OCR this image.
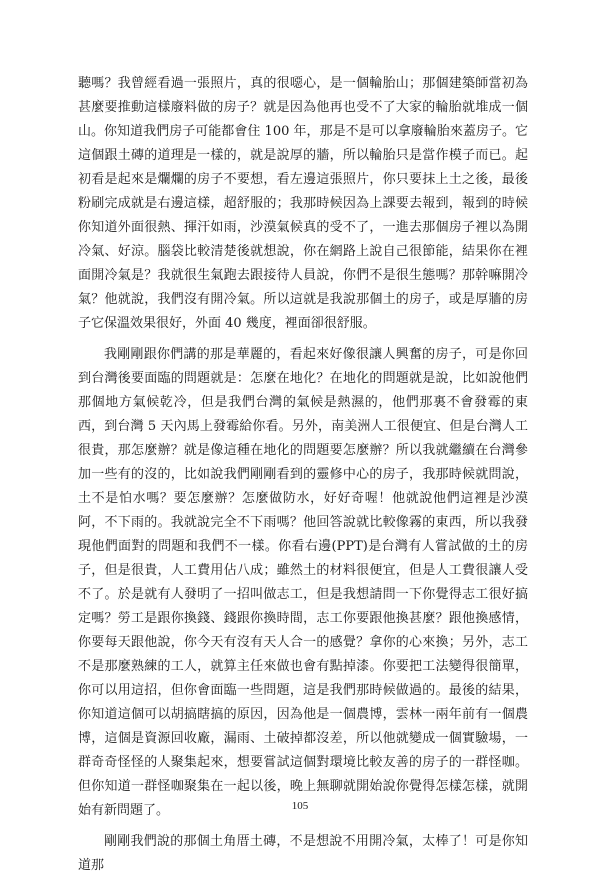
聽嗎？我曾經看過一張照片，真的很噁心，是一個輪胎山；那個建築師當初為甚麼要推動這樣廢料做的房子？就是因為他再也受不了大家的輪胎就堆成一個山。你知道我們房子可能都會住 100 年，那是不是可以拿廢輪胎來蓋房子。它這個跟土磚的道理是一樣的，就是說厚的牆，所以輪胎只是當作模子而已。起初看是起來是爛爛的房子不要想，看左邊這張照片，你只要抹上土之後，最後粉刷完成就是右邊這樣，超舒服的；我那時候因為上課要去報到，報到的時候你知道外面很熱、揮汗如雨，沙漠氣候真的受不了，一進去那個房子裡以為開冷氣、好涼。腦袋比較清楚後就想說，你在網路上說自己很節能，結果你在裡面開冷氣是？我就很生氣跑去跟接待人員說，你們不是很生態嗎？那幹嘛開冷氣？他就說，我們沒有開冷氣。所以這就是我說那個土的房子，或是厚牆的房子它保溫效果很好，外面 40 幾度，裡面卻很舒服。

我剛剛跟你們講的那是華麗的，看起來好像很讓人興奮的房子，可是你回到台灣後要面臨的問題就是：怎麼在地化？在地化的問題就是說，比如說他們那個地方氣候乾冷，但是我們台灣的氣候是熱濕的，他們那裏不會發霉的東西，到台灣 5 天內馬上發霉給你看。另外，南美洲人工很便宜、但是台灣人工很貴，那怎麼辦？就是像這種在地化的問題要怎麼辦？所以我就繼續在台灣參加一些有的沒的，比如說我們剛剛看到的靈修中心的房子，我那時候就問說，土不是怕水嗎？要怎麼辦？怎麼做防水，好好奇喔！他就說他們這裡是沙漠阿，不下雨的。我就說完全不下雨嗎？他回答說就比較像霧的東西，所以我發現他們面對的問題和我們不一樣。你看右邊(PPT)是台灣有人嘗試做的土的房子，但是很貴，人工費用佔八成；雖然土的材料很便宜，但是人工費很讓人受不了。於是就有人發明了一招叫做志工，但是我想請問一下你覺得志工很好搞定嗎？勞工是跟你換錢、錢跟你換時間，志工你要跟他換甚麼？跟他換感情，你要每天跟他說，你今天有沒有天人合一的感覺？拿你的心來換；另外，志工不是那麼熟練的工人，就算主任來做也會有點掉漆。你要把工法變得很簡單，你可以用這招，但你會面臨一些問題，這是我們那時候做過的。最後的結果，你知道這個可以胡搞瞎搞的原因，因為他是一個農博，雲林一兩年前有一個農博，這個是資源回收廠，漏雨、土破掉都沒差，所以他就變成一個實驗場，一群奇奇怪怪的人聚集起來，想要嘗試這個對環境比較友善的房子的一群怪咖。但你知道一群怪咖聚集在一起以後，晚上無聊就開始說你覺得怎樣怎樣，就開始有新問題了。

剛剛我們說的那個土角厝土磚，不是想說不用開冷氣，太棒了！可是你知道那

105
